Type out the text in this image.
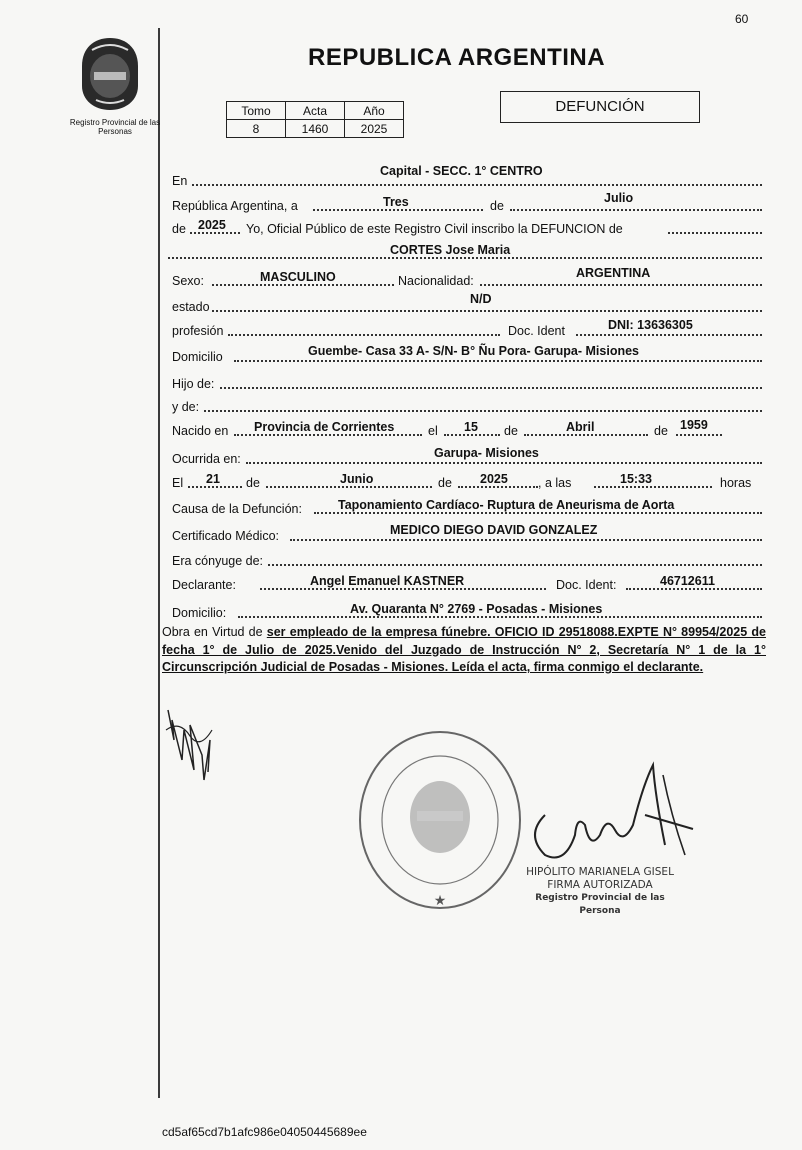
60
Registro Provincial de las Personas
REPUBLICA ARGENTINA
Tomo	Acta	Año
8	1460	2025
DEFUNCIÓN
En
Capital - SECC. 1° CENTRO
República Argentina, a	Tres	de
Julio
de 2025 Yo, Oficial Público de este Registro Civil inscribo la DEFUNCION de
CORTES Jose Maria
Sexo:	MASCULINO	Nacionalidad:
ARGENTINA
estado
N/D
profesión	Doc. Ident	DNI: 13636305
Domicilio	Guembe- Casa 33 A- S/N- B° Ñu Pora- Garupa- Misiones
Hijo de:
y de:
Nacido en Provincia de Corrientes	el 15 de	Abril	de 1959
Ocurrida en:	Garupa- Misiones
El 21 de	Junio	de 2025 , a las	15:33	horas
Causa de la Defunción:	Taponamiento Cardíaco- Ruptura de Aneurisma de Aorta
Certificado Médico:	MEDICO DIEGO DAVID GONZALEZ
Era cónyuge de:
Declarante:	Angel Emanuel KASTNER	Doc. Ident:	46712611
Domicilio:	Av. Quaranta N° 2769 - Posadas - Misiones
Obra en Virtud de ser empleado de la empresa fúnebre. OFICIO ID 29518088.EXPTE N° 89954/2025 de fecha 1° de Julio de 2025.Venido del Juzgado de Instrucción N° 2, Secretaría N° 1 de la 1° Circunscripción Judicial de Posadas - Misiones. Leída el acta, firma conmigo el declarante.
★
HIPÓLITO MARIANELA GISEL
FIRMA AUTORIZADA
Registro Provincial de las Persona
cd5af65cd7b1afc986e04050445689ee
